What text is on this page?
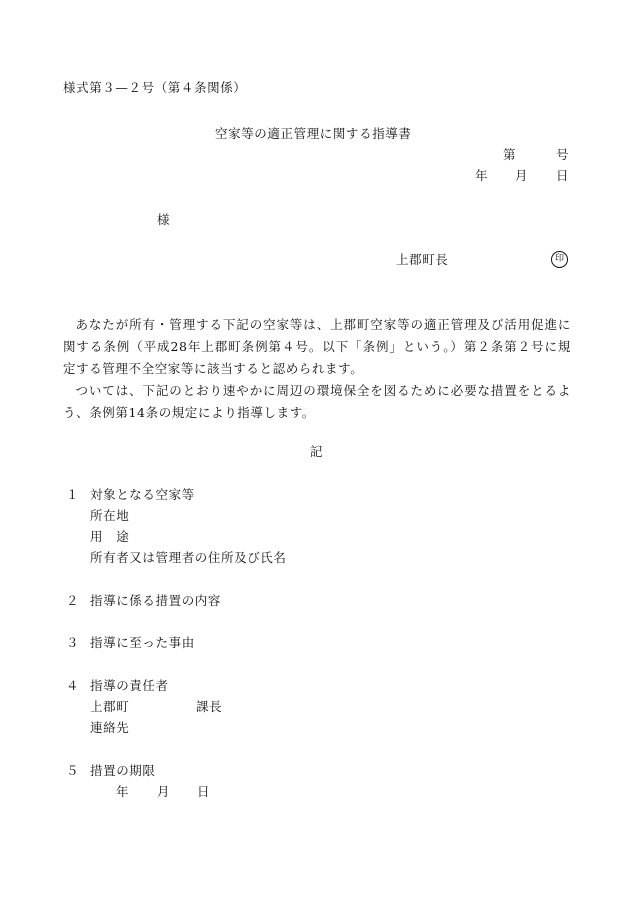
様式第３—２号（第４条関係）
空家等の適正管理に関する指導書
第	号
年 月 日
様
上郡町長	印

あなたが所有・管理する下記の空家等は、上郡町空家等の適正管理及び活用促進に関する条例（平成28年上郡町条例第４号。以下「条例」という。）第２条第２号に規定する管理不全空家等に該当すると認められます。

ついては、下記のとおり速やかに周辺の環境保全を図るために必要な措置をとるよう、条例第14条の規定により指導します。

記
１ 対象となる空家等
所在地
用　途
所有者又は管理者の住所及び氏名
２ 指導に係る措置の内容
３ 指導に至った事由
４ 指導の責任者
上郡町	課長
連絡先
５ 措置の期限
年 月 日
